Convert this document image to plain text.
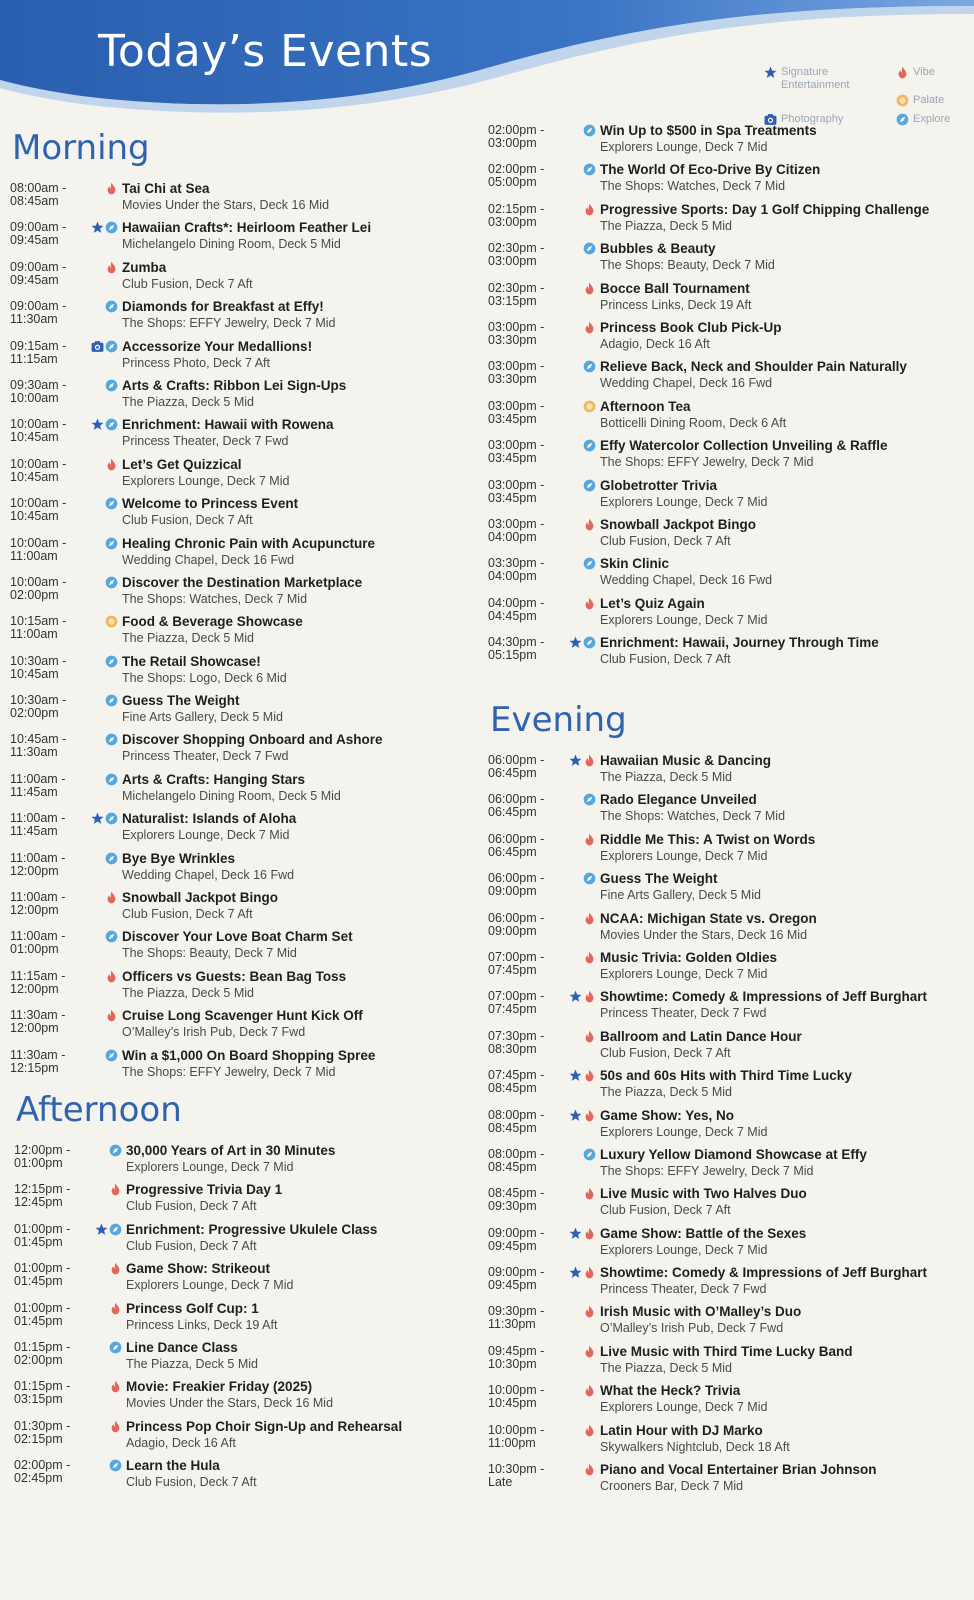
Today’s Events	Signature Entertainment
Vibe
Photography
Palate
Explore
Morning
08:00am -
08:45am
Tai Chi at Sea
Movies Under the Stars, Deck 16 Mid
09:00am -
09:45am
Hawaiian Crafts*: Heirloom Feather Lei
Michelangelo Dining Room, Deck 5 Mid
09:00am -
09:45am
Zumba
Club Fusion, Deck 7 Aft
09:00am -
11:30am
Diamonds for Breakfast at Effy!
The Shops: EFFY Jewelry, Deck 7 Mid
09:15am -
11:15am
Accessorize Your Medallions!
Princess Photo, Deck 7 Aft
09:30am -
10:00am
Arts & Crafts: Ribbon Lei Sign-Ups
The Piazza, Deck 5 Mid
10:00am -
10:45am
Enrichment: Hawaii with Rowena
Princess Theater, Deck 7 Fwd
10:00am -
10:45am
Let’s Get Quizzical
Explorers Lounge, Deck 7 Mid
10:00am -
10:45am
Welcome to Princess Event
Club Fusion, Deck 7 Aft
10:00am -
11:00am
Healing Chronic Pain with Acupuncture
Wedding Chapel, Deck 16 Fwd
10:00am -
02:00pm
Discover the Destination Marketplace
The Shops: Watches, Deck 7 Mid
10:15am -
11:00am
Food & Beverage Showcase
The Piazza, Deck 5 Mid
10:30am -
10:45am
The Retail Showcase!
The Shops: Logo, Deck 6 Mid
10:30am -
02:00pm
Guess The Weight
Fine Arts Gallery, Deck 5 Mid
10:45am -
11:30am
Discover Shopping Onboard and Ashore
Princess Theater, Deck 7 Fwd
11:00am -
11:45am
Arts & Crafts: Hanging Stars
Michelangelo Dining Room, Deck 5 Mid
11:00am -
11:45am
Naturalist: Islands of Aloha
Explorers Lounge, Deck 7 Mid
11:00am -
12:00pm
Bye Bye Wrinkles
Wedding Chapel, Deck 16 Fwd
11:00am -
12:00pm
Snowball Jackpot Bingo
Club Fusion, Deck 7 Aft
11:00am -
01:00pm
Discover Your Love Boat Charm Set
The Shops: Beauty, Deck 7 Mid
11:15am -
12:00pm
Officers vs Guests: Bean Bag Toss
The Piazza, Deck 5 Mid
11:30am -
12:00pm
Cruise Long Scavenger Hunt Kick Off
O’Malley’s Irish Pub, Deck 7 Fwd
11:30am -
12:15pm
Win a $1,000 On Board Shopping Spree
The Shops: EFFY Jewelry, Deck 7 Mid
Afternoon
12:00pm -
01:00pm
30,000 Years of Art in 30 Minutes
Explorers Lounge, Deck 7 Mid
12:15pm -
12:45pm
Progressive Trivia Day 1
Club Fusion, Deck 7 Aft
01:00pm -
01:45pm
Enrichment: Progressive Ukulele Class
Club Fusion, Deck 7 Aft
01:00pm -
01:45pm
Game Show: Strikeout
Explorers Lounge, Deck 7 Mid
01:00pm -
01:45pm
Princess Golf Cup: 1
Princess Links, Deck 19 Aft
01:15pm -
02:00pm
Line Dance Class
The Piazza, Deck 5 Mid
01:15pm -
03:15pm
Movie: Freakier Friday (2025)
Movies Under the Stars, Deck 16 Mid
01:30pm -
02:15pm
Princess Pop Choir Sign-Up and Rehearsal
Adagio, Deck 16 Aft
02:00pm -
02:45pm
Learn the Hula
Club Fusion, Deck 7 Aft
02:00pm -
03:00pm
Win Up to $500 in Spa Treatments
Explorers Lounge, Deck 7 Mid
02:00pm -
05:00pm
The World Of Eco-Drive By Citizen
The Shops: Watches, Deck 7 Mid
02:15pm -
03:00pm
Progressive Sports: Day 1 Golf Chipping Challenge
The Piazza, Deck 5 Mid
02:30pm -
03:00pm
Bubbles & Beauty
The Shops: Beauty, Deck 7 Mid
02:30pm -
03:15pm
Bocce Ball Tournament
Princess Links, Deck 19 Aft
03:00pm -
03:30pm
Princess Book Club Pick-Up
Adagio, Deck 16 Aft
03:00pm -
03:30pm
Relieve Back, Neck and Shoulder Pain Naturally
Wedding Chapel, Deck 16 Fwd
03:00pm -
03:45pm
Afternoon Tea
Botticelli Dining Room, Deck 6 Aft
03:00pm -
03:45pm
Effy Watercolor Collection Unveiling & Raffle
The Shops: EFFY Jewelry, Deck 7 Mid
03:00pm -
03:45pm
Globetrotter Trivia
Explorers Lounge, Deck 7 Mid
03:00pm -
04:00pm
Snowball Jackpot Bingo
Club Fusion, Deck 7 Aft
03:30pm -
04:00pm
Skin Clinic
Wedding Chapel, Deck 16 Fwd
04:00pm -
04:45pm
Let’s Quiz Again
Explorers Lounge, Deck 7 Mid
04:30pm -
05:15pm
Enrichment: Hawaii, Journey Through Time
Club Fusion, Deck 7 Aft
Evening
06:00pm -
06:45pm
Hawaiian Music & Dancing
The Piazza, Deck 5 Mid
06:00pm -
06:45pm
Rado Elegance Unveiled
The Shops: Watches, Deck 7 Mid
06:00pm -
06:45pm
Riddle Me This: A Twist on Words
Explorers Lounge, Deck 7 Mid
06:00pm -
09:00pm
Guess The Weight
Fine Arts Gallery, Deck 5 Mid
06:00pm -
09:00pm
NCAA: Michigan State vs. Oregon
Movies Under the Stars, Deck 16 Mid
07:00pm -
07:45pm
Music Trivia: Golden Oldies
Explorers Lounge, Deck 7 Mid
07:00pm -
07:45pm
Showtime: Comedy & Impressions of Jeff Burghart
Princess Theater, Deck 7 Fwd
07:30pm -
08:30pm
Ballroom and Latin Dance Hour
Club Fusion, Deck 7 Aft
07:45pm -
08:45pm
50s and 60s Hits with Third Time Lucky
The Piazza, Deck 5 Mid
08:00pm -
08:45pm
Game Show: Yes, No
Explorers Lounge, Deck 7 Mid
08:00pm -
08:45pm
Luxury Yellow Diamond Showcase at Effy
The Shops: EFFY Jewelry, Deck 7 Mid
08:45pm -
09:30pm
Live Music with Two Halves Duo
Club Fusion, Deck 7 Aft
09:00pm -
09:45pm
Game Show: Battle of the Sexes
Explorers Lounge, Deck 7 Mid
09:00pm -
09:45pm
Showtime: Comedy & Impressions of Jeff Burghart
Princess Theater, Deck 7 Fwd
09:30pm -
11:30pm
Irish Music with O’Malley’s Duo
O’Malley’s Irish Pub, Deck 7 Fwd
09:45pm -
10:30pm
Live Music with Third Time Lucky Band
The Piazza, Deck 5 Mid
10:00pm -
10:45pm
What the Heck? Trivia
Explorers Lounge, Deck 7 Mid
10:00pm -
11:00pm
Latin Hour with DJ Marko
Skywalkers Nightclub, Deck 18 Aft
10:30pm -
Late
Piano and Vocal Entertainer Brian Johnson
Crooners Bar, Deck 7 Mid
